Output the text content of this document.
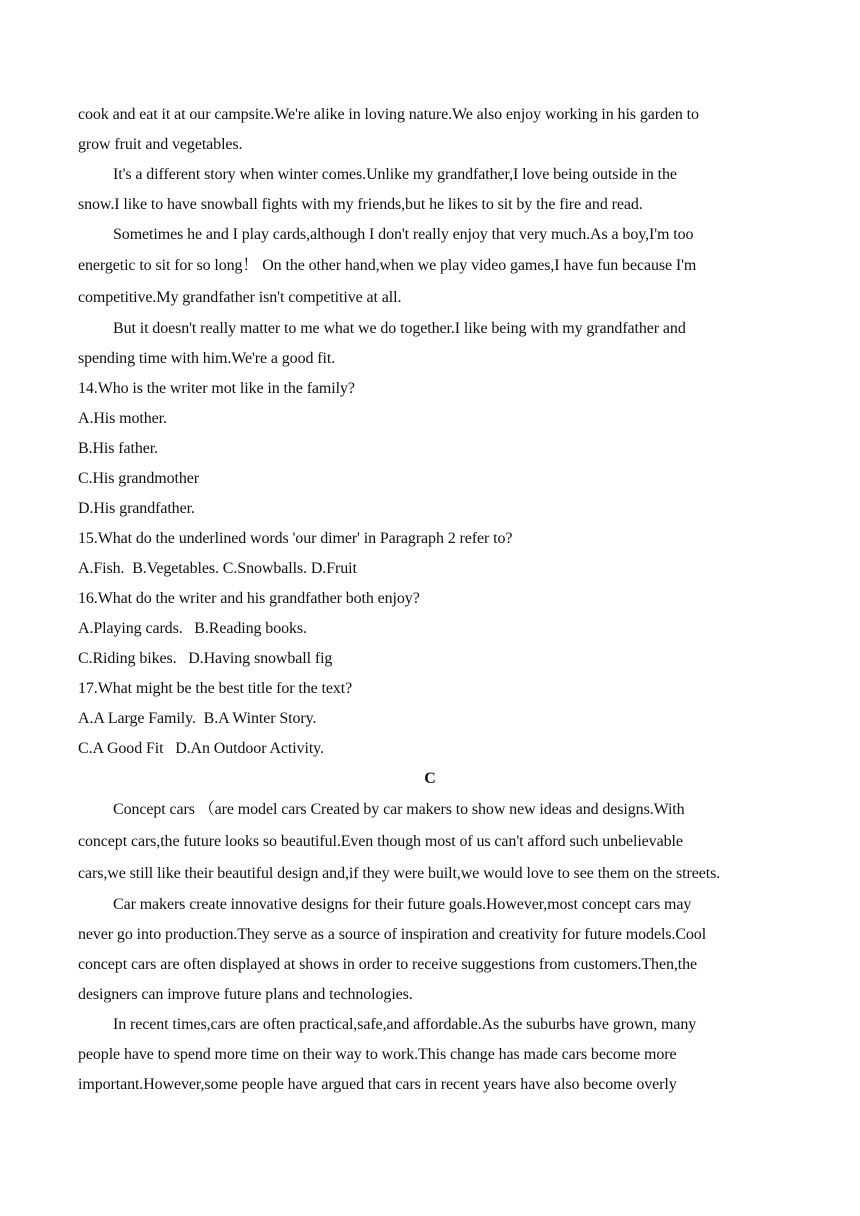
cook and eat it at our campsite.We're alike in loving nature.We also enjoy working in his garden to
grow fruit and vegetables.
It's a different story when winter comes.Unlike my grandfather,I love being outside in the
snow.I like to have snowball fights with my friends,but he likes to sit by the fire and read.
Sometimes he and I play cards,although I don't really enjoy that very much.As a boy,I'm too
energetic to sit for so long！ On the other hand,when we play video games,I have fun because I'm
competitive.My grandfather isn't competitive at all.
But it doesn't really matter to me what we do together.I like being with my grandfather and
spending time with him.We're a good fit.
14.Who is the writer mot like in the family?
A.His mother.
B.His father.
C.His grandmother
D.His grandfather.
15.What do the underlined words 'our dimer' in Paragraph 2 refer to?
A.Fish.  B.Vegetables. C.Snowballs. D.Fruit
16.What do the writer and his grandfather both enjoy?
A.Playing cards.   B.Reading books.
C.Riding bikes.   D.Having snowball fig
17.What might be the best title for the text?
A.A Large Family.  B.A Winter Story.
C.A Good Fit   D.An Outdoor Activity.
C
Concept cars （are model cars Created by car makers to show new ideas and designs.With
concept cars,the future looks so beautiful.Even though most of us can't afford such unbelievable
cars,we still like their beautiful design and,if they were built,we would love to see them on the streets.
Car makers create innovative designs for their future goals.However,most concept cars may
never go into production.They serve as a source of inspiration and creativity for future models.Cool
concept cars are often displayed at shows in order to receive suggestions from customers.Then,the
designers can improve future plans and technologies.
In recent times,cars are often practical,safe,and affordable.As the suburbs have grown, many
people have to spend more time on their way to work.This change has made cars become more
important.However,some people have argued that cars in recent years have also become overly
